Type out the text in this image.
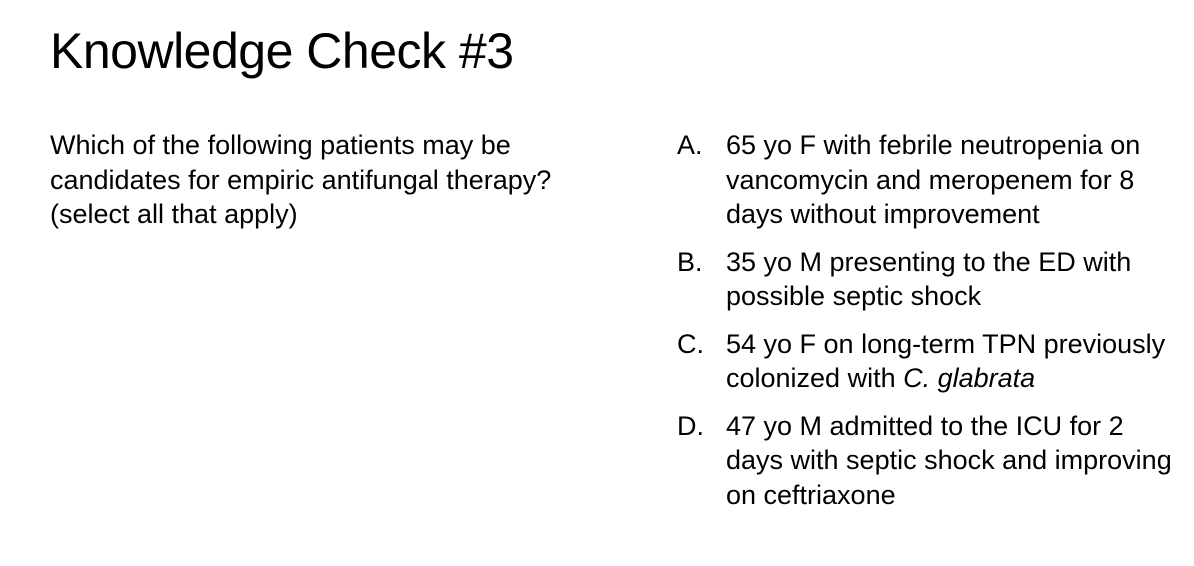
Knowledge Check #3

Which of the following patients may be candidates for empiric antifungal therapy? (select all that apply)

A. 65 yo F with febrile neutropenia on vancomycin and meropenem for 8 days without improvement
B. 35 yo M presenting to the ED with possible septic shock
C. 54 yo F on long-term TPN previously colonized with C. glabrata
D. 47 yo M admitted to the ICU for 2 days with septic shock and improving on ceftriaxone
